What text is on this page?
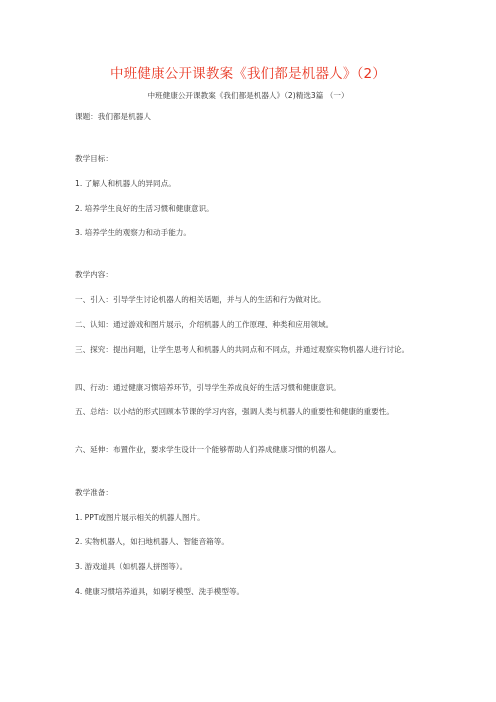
中班健康公开课教案《我们都是机器人》（2）
中班健康公开课教案《我们都是机器人》（2)精选3篇 （一）
课题：我们都是机器人
教学目标：
1. 了解人和机器人的异同点。
2. 培养学生良好的生活习惯和健康意识。
3. 培养学生的观察力和动手能力。
教学内容：
一、引入：引导学生讨论机器人的相关话题，并与人的生活和行为做对比。
二、认知：通过游戏和图片展示，介绍机器人的工作原理、种类和应用领域。
三、探究：提出问题，让学生思考人和机器人的共同点和不同点，并通过观察实物机器人进行讨论。
四、行动：通过健康习惯培养环节，引导学生养成良好的生活习惯和健康意识。
五、总结：以小结的形式回顾本节课的学习内容，强调人类与机器人的重要性和健康的重要性。
六、延伸：布置作业，要求学生设计一个能够帮助人们养成健康习惯的机器人。
教学准备：
1. PPT或图片展示相关的机器人图片。
2. 实物机器人，如扫地机器人、智能音箱等。
3. 游戏道具（如机器人拼图等）。
4. 健康习惯培养道具，如刷牙模型、洗手模型等。
